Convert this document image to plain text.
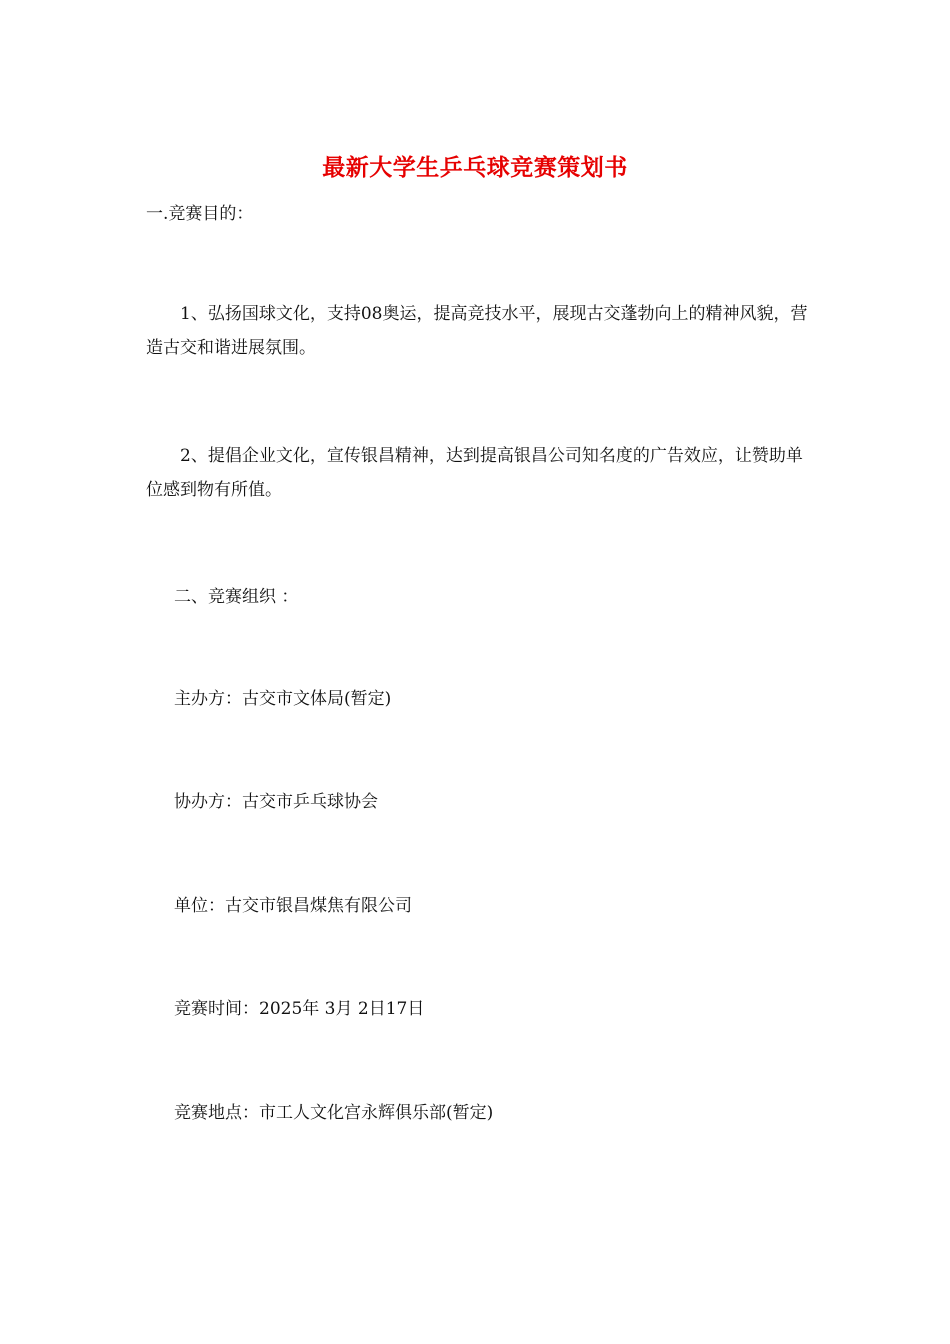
最新大学生乒乓球竞赛策划书
一.竞赛目的：
1、弘扬国球文化，支持08奥运，提高竞技水平，展现古交蓬勃向上的精神风貌，营造古交和谐进展氛围。
2、提倡企业文化，宣传银昌精神，达到提高银昌公司知名度的广告效应，让赞助单位感到物有所值。
二、竞赛组织 ：
主办方：古交市文体局(暂定)
协办方：古交市乒乓球协会
单位：古交市银昌煤焦有限公司
竞赛时间：2025年 3月 2日17日
竞赛地点：市工人文化宫永辉俱乐部(暂定)
